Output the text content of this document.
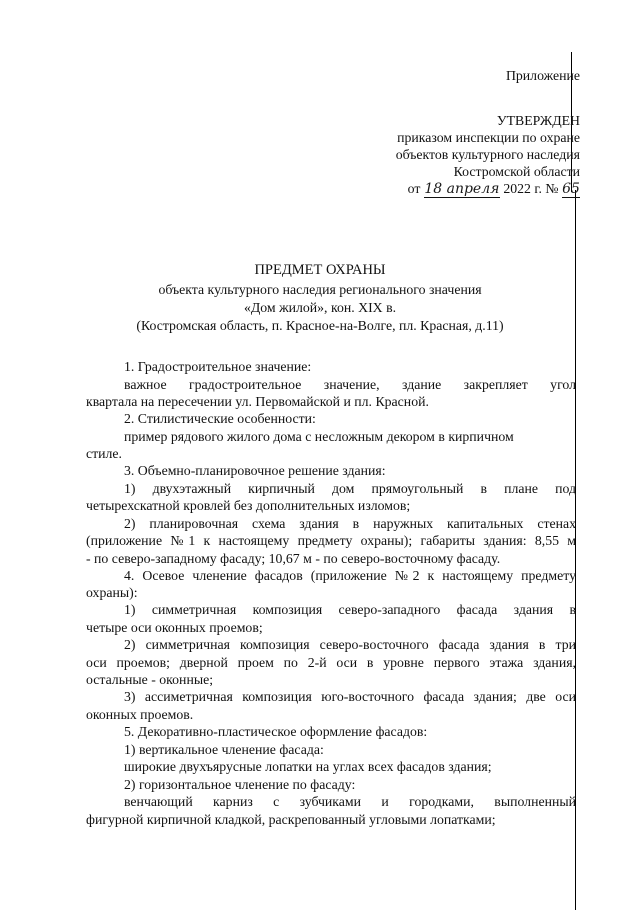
Приложение
УТВЕРЖДЕН
приказом инспекции по охране
объектов культурного наследия
Костромской области
от 18 апреля 2022 г. № 65
ПРЕДМЕТ ОХРАНЫ
объекта культурного наследия регионального значения
«Дом жилой», кон. XIX в.
(Костромская область, п. Красное-на-Волге, пл. Красная, д.11)
1. Градостроительное значение:
важное градостроительное значение, здание закрепляет угол
квартала на пересечении ул. Первомайской и пл. Красной.
2. Стилистические особенности:
пример рядового жилого дома с несложным декором в кирпичном
стиле.
3. Объемно-планировочное решение здания:
1) двухэтажный кирпичный дом прямоугольный в плане под
четырехскатной кровлей без дополнительных изломов;
2) планировочная схема здания в наружных капитальных стенах
(приложение №1 к настоящему предмету охраны); габариты здания: 8,55 м
- по северо-западному фасаду; 10,67 м - по северо-восточному фасаду.
4. Осевое членение фасадов (приложение №2 к настоящему предмету
охраны):
1) симметричная композиция северо-западного фасада здания в
четыре оси оконных проемов;
2) симметричная композиция северо-восточного фасада здания в три
оси проемов; дверной проем по 2-й оси в уровне первого этажа здания,
остальные - оконные;
3) ассиметричная композиция юго-восточного фасада здания; две оси
оконных проемов.
5. Декоративно-пластическое оформление фасадов:
1) вертикальное членение фасада:
широкие двухъярусные лопатки на углах всех фасадов здания;
2) горизонтальное членение по фасаду:
венчающий карниз с зубчиками и городками, выполненный
фигурной кирпичной кладкой, раскрепованный угловыми лопатками;
